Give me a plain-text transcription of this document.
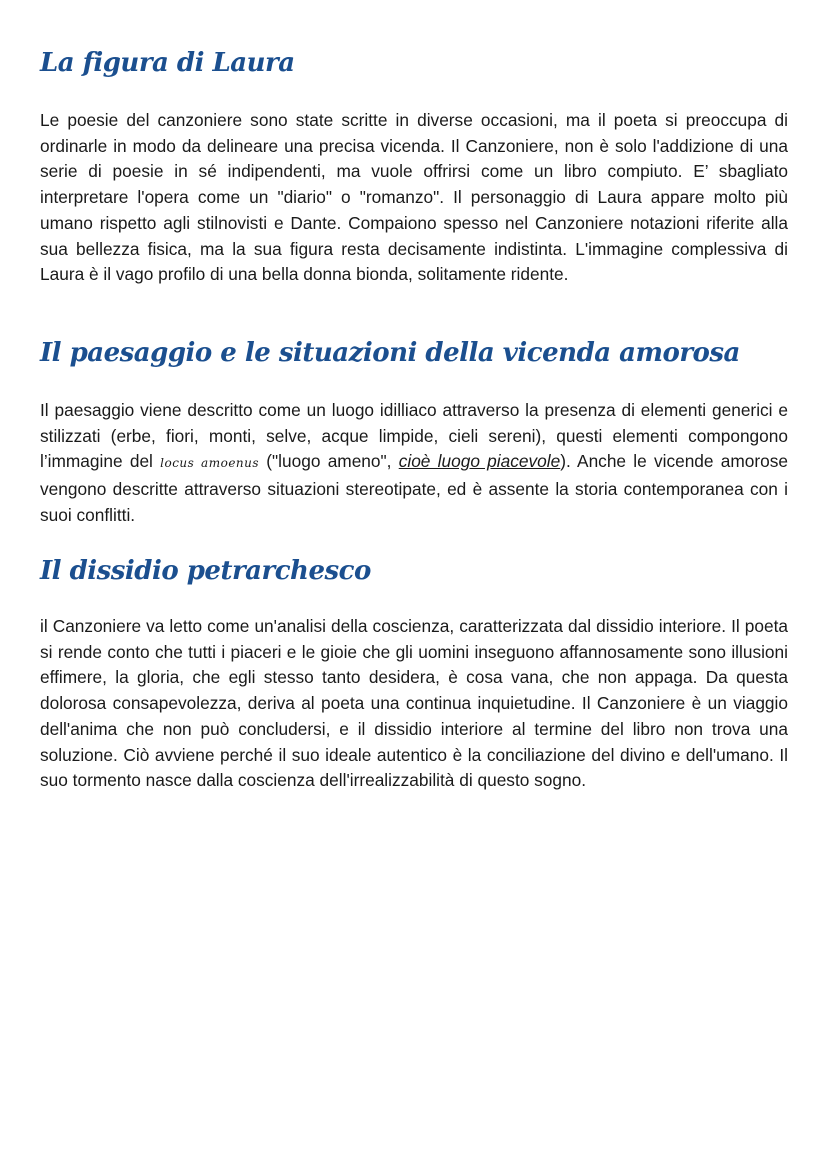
La figura di Laura

Le poesie del canzoniere sono state scritte in diverse occasioni, ma il poeta si preoccupa di ordinarle in modo da delineare una precisa vicenda. Il Canzoniere, non è solo l'addizione di una serie di poesie in sé indipendenti, ma vuole offrirsi come un libro compiuto. E’ sbagliato interpretare l'opera come un "diario" o "romanzo". Il personaggio di Laura appare molto più umano rispetto agli stilnovisti e Dante. Compaiono spesso nel Canzoniere notazioni riferite alla sua bellezza fisica, ma la sua figura resta decisamente indistinta. L'immagine complessiva di Laura è il vago profilo di una bella donna bionda, solitamente ridente.

Il paesaggio e le situazioni della vicenda amorosa

Il paesaggio viene descritto come un luogo idilliaco attraverso la presenza di elementi generici e stilizzati (erbe, fiori, monti, selve, acque limpide, cieli sereni), questi elementi compongono l’immagine del locus amoenus ("luogo ameno", cioè luogo piacevole). Anche le vicende amorose vengono descritte attraverso situazioni stereotipate, ed è assente la storia contemporanea con i suoi conflitti.

Il dissidio petrarchesco

il Canzoniere va letto come un'analisi della coscienza, caratterizzata dal dissidio interiore. Il poeta si rende conto che tutti i piaceri e le gioie che gli uomini inseguono affannosamente sono illusioni effimere, la gloria, che egli stesso tanto desidera, è cosa vana, che non appaga. Da questa dolorosa consapevolezza, deriva al poeta una continua inquietudine. Il Canzoniere è un viaggio dell'anima che non può concludersi, e il dissidio interiore al termine del libro non trova una soluzione. Ciò avviene perché il suo ideale autentico è la conciliazione del divino e dell'umano. Il suo tormento nasce dalla coscienza dell'irrealizzabilità di questo sogno.
